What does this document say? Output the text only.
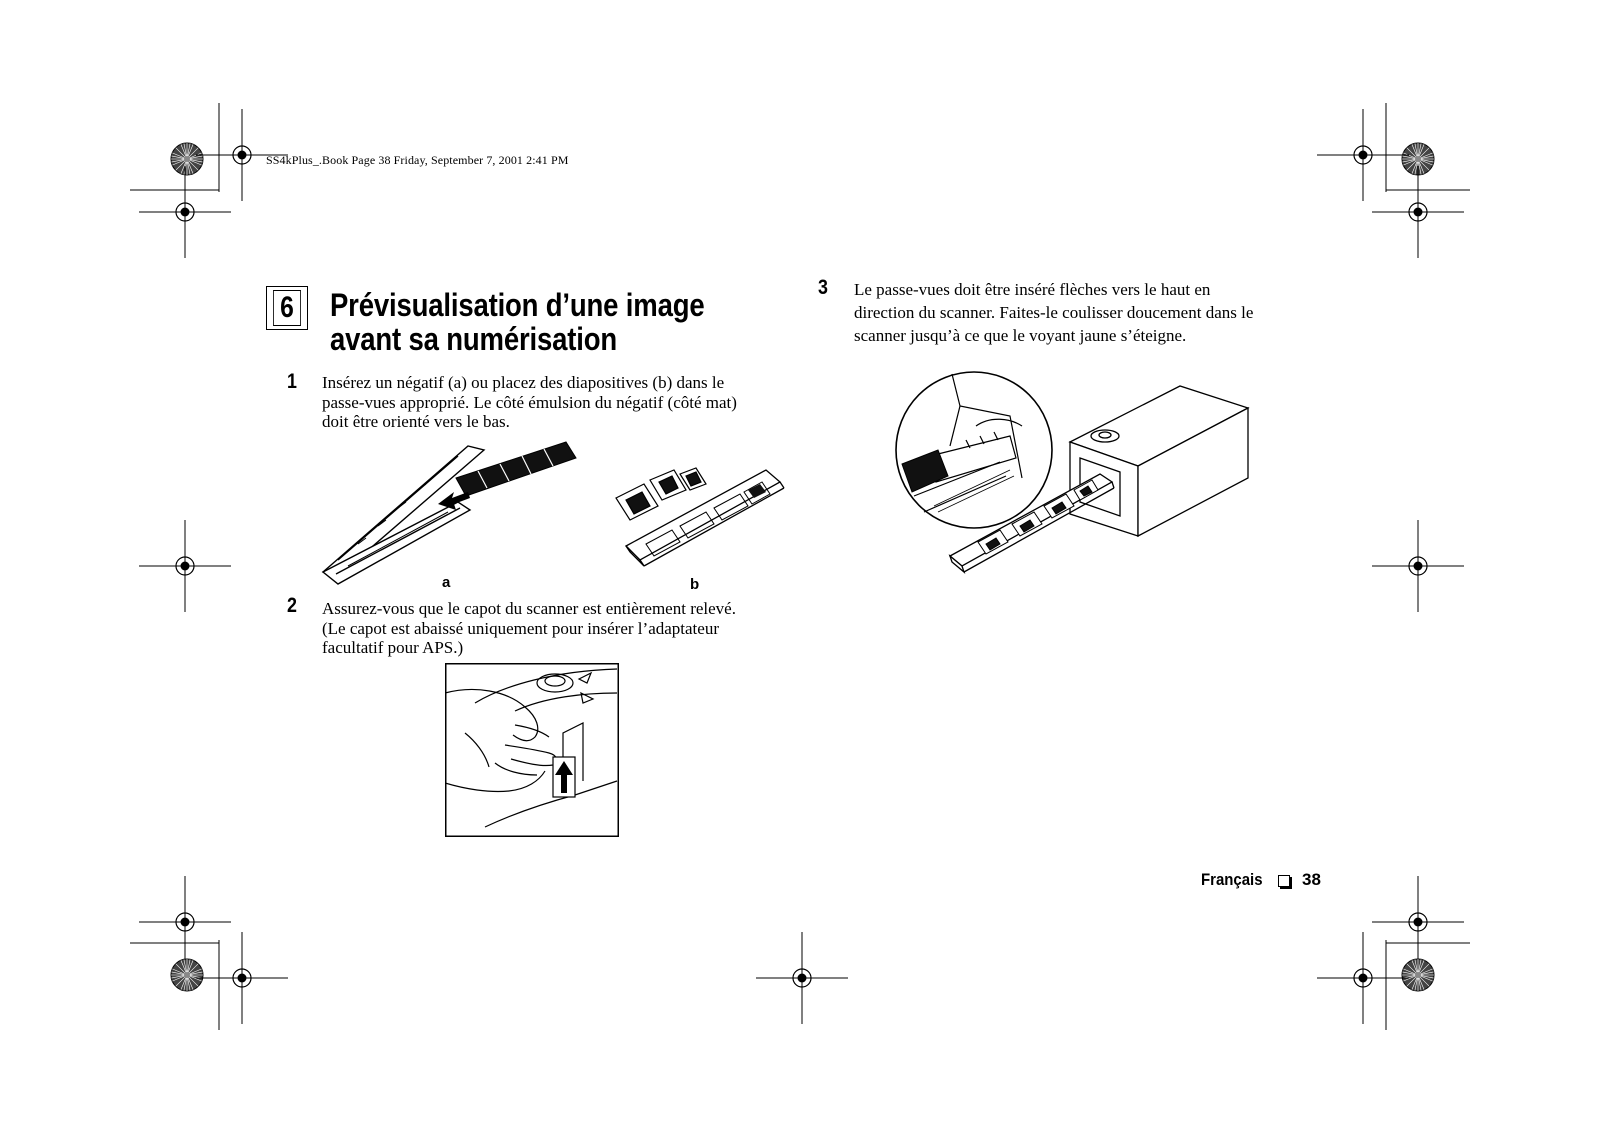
SS4kPlus_.Book Page 38 Friday, September 7, 2001 2:41 PM
6 Prévisualisation d’une image
avant sa numérisation
1 Insérez un négatif (a) ou placez des diapositives (b) dans le
passe-vues approprié. Le côté émulsion du négatif (côté mat)
doit être orienté vers le bas.
a	b
2 Assurez-vous que le capot du scanner est entièrement relevé.
(Le capot est abaissé uniquement pour insérer l’adaptateur
facultatif pour APS.)
3 Le passe-vues doit être inséré flèches vers le haut en
direction du scanner. Faites-le coulisser doucement dans le
scanner jusqu’à ce que le voyant jaune s’éteigne.
Français 38
